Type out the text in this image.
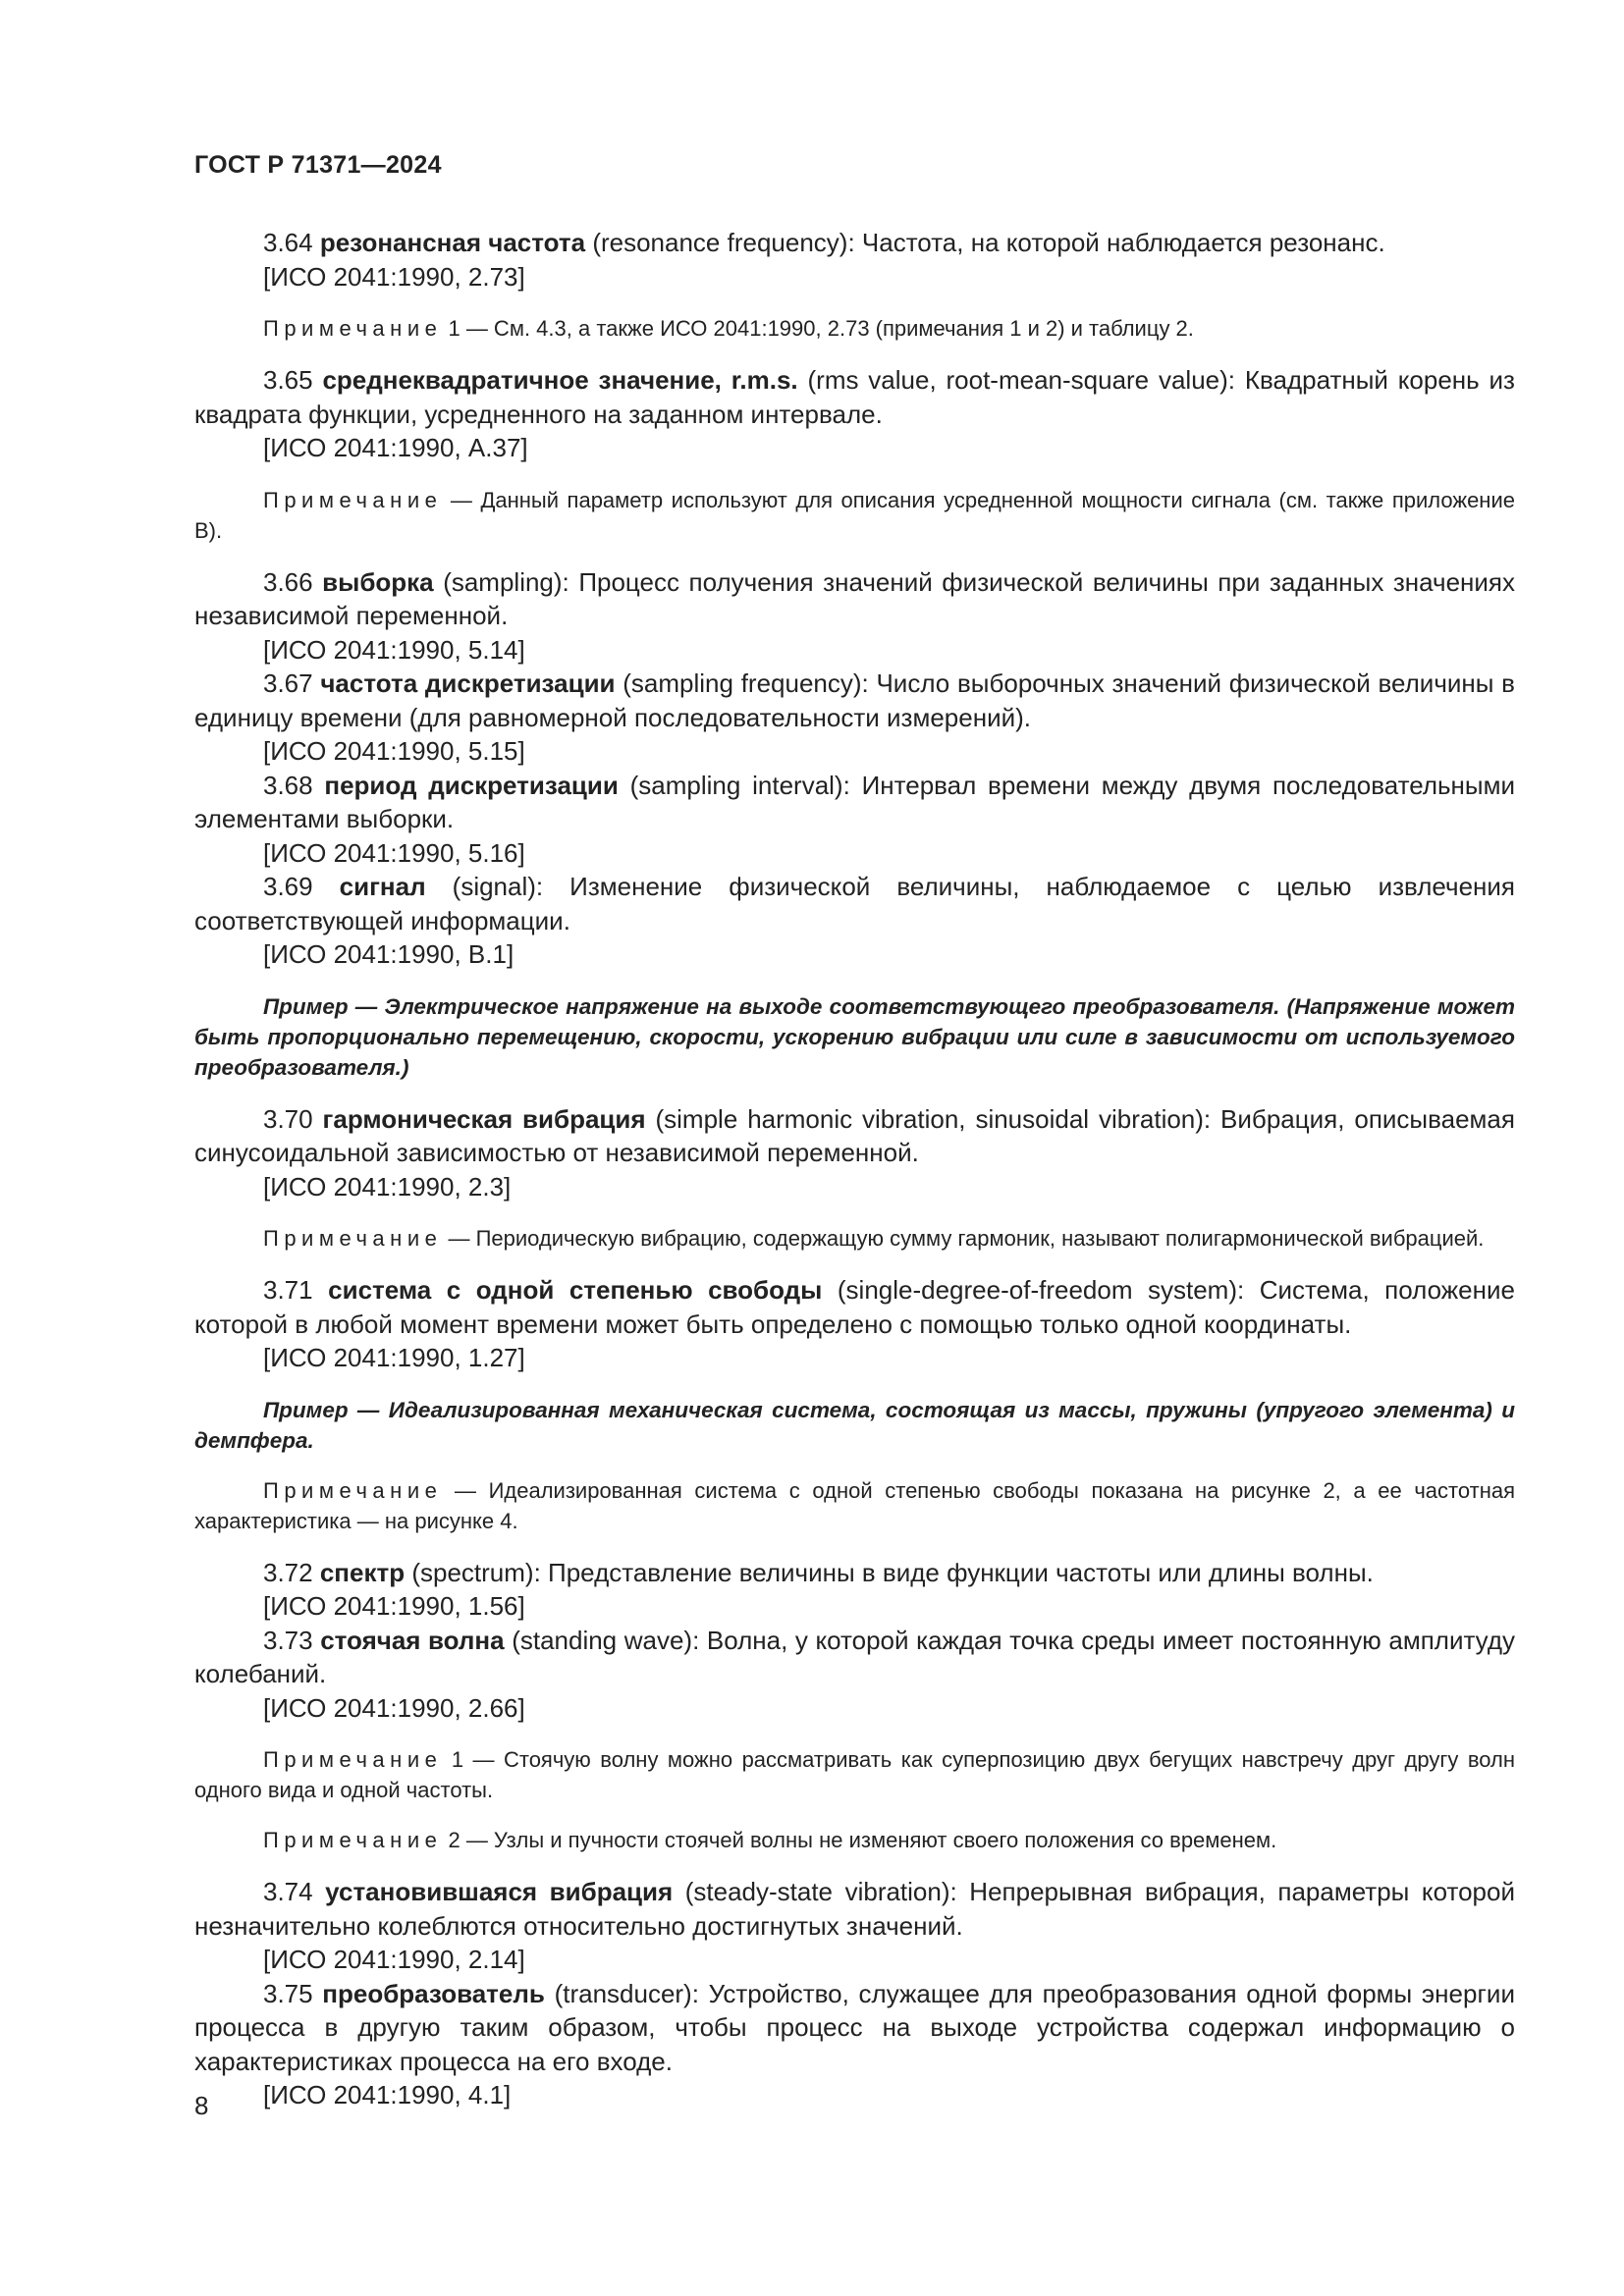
ГОСТ Р 71371—2024
3.64 резонансная частота (resonance frequency): Частота, на которой наблюдается резонанс.
[ИСО 2041:1990, 2.73]
Примечание 1 — См. 4.3, а также ИСО 2041:1990, 2.73 (примечания 1 и 2) и таблицу 2.
3.65 среднеквадратичное значение, r.m.s. (rms value, root-mean-square value): Квадратный корень из квадрата функции, усредненного на заданном интервале.
[ИСО 2041:1990, А.37]
Примечание — Данный параметр используют для описания усредненной мощности сигнала (см. также приложение В).
3.66 выборка (sampling): Процесс получения значений физической величины при заданных значениях независимой переменной.
[ИСО 2041:1990, 5.14]
3.67 частота дискретизации (sampling frequency): Число выборочных значений физической величины в единицу времени (для равномерной последовательности измерений).
[ИСО 2041:1990, 5.15]
3.68 период дискретизации (sampling interval): Интервал времени между двумя последовательными элементами выборки.
[ИСО 2041:1990, 5.16]
3.69 сигнал (signal): Изменение физической величины, наблюдаемое с целью извлечения соответствующей информации.
[ИСО 2041:1990, В.1]
Пример — Электрическое напряжение на выходе соответствующего преобразователя. (Напряжение может быть пропорционально перемещению, скорости, ускорению вибрации или силе в зависимости от используемого преобразователя.)
3.70 гармоническая вибрация (simple harmonic vibration, sinusoidal vibration): Вибрация, описываемая синусоидальной зависимостью от независимой переменной.
[ИСО 2041:1990, 2.3]
Примечание — Периодическую вибрацию, содержащую сумму гармоник, называют полигармонической вибрацией.
3.71 система с одной степенью свободы (single-degree-of-freedom system): Система, положение которой в любой момент времени может быть определено с помощью только одной координаты.
[ИСО 2041:1990, 1.27]
Пример — Идеализированная механическая система, состоящая из массы, пружины (упругого элемента) и демпфера.
Примечание — Идеализированная система с одной степенью свободы показана на рисунке 2, а ее частотная характеристика — на рисунке 4.
3.72 спектр (spectrum): Представление величины в виде функции частоты или длины волны.
[ИСО 2041:1990, 1.56]
3.73 стоячая волна (standing wave): Волна, у которой каждая точка среды имеет постоянную амплитуду колебаний.
[ИСО 2041:1990, 2.66]
Примечание 1 — Стоячую волну можно рассматривать как суперпозицию двух бегущих навстречу друг другу волн одного вида и одной частоты.
Примечание 2 — Узлы и пучности стоячей волны не изменяют своего положения со временем.
3.74 установившаяся вибрация (steady-state vibration): Непрерывная вибрация, параметры которой незначительно колеблются относительно достигнутых значений.
[ИСО 2041:1990, 2.14]
3.75 преобразователь (transducer): Устройство, служащее для преобразования одной формы энергии процесса в другую таким образом, чтобы процесс на выходе устройства содержал информацию о характеристиках процесса на его входе.
[ИСО 2041:1990, 4.1]
8
